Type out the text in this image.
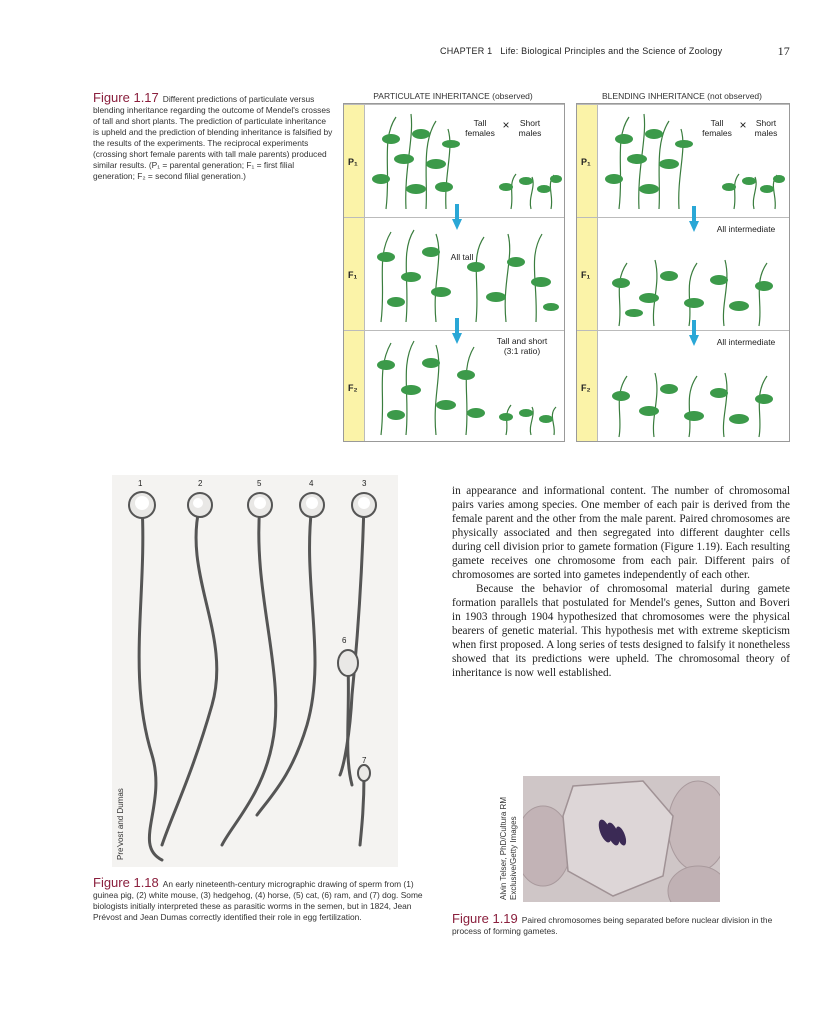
CHAPTER 1 Life: Biological Principles and the Science of Zoology	17
Figure 1.17 Different predictions of particulate versus blending inheritance regarding the outcome of Mendel's crosses of tall and short plants. The prediction of particulate inheritance is upheld and the prediction of blending inheritance is falsified by the results of the experiments. The reciprocal experiments (crossing short female parents with tall male parents) produced similar results. (P₁ = parental generation; F₁ = first filial generation; F₂ = second filial generation.)
PARTICULATE INHERITANCE (observed)	BLENDING INHERITANCE (not observed)
P₁
Tall females
×	Short males
F₁
All tall
F₂
Tall and short
(3:1 ratio)
P₁
Tall females
×	Short males
F₁
All intermediate
F₂
All intermediate
1	2	5	4	3
6
7
Pre'vost and Dumas
Figure 1.18 An early nineteenth-century micrographic drawing of sperm from (1) guinea pig, (2) white mouse, (3) hedgehog, (4) horse, (5) cat, (6) ram, and (7) dog. Some biologists initially interpreted these as parasitic worms in the semen, but in 1824, Jean Prévost and Jean Dumas correctly identified their role in egg fertilization.

in appearance and informational content. The number of chromosomal pairs varies among species. One member of each pair is derived from the female parent and the other from the male parent. Paired chromosomes are physically associated and then segregated into different daughter cells during cell division prior to gamete formation (Figure 1.19). Each resulting gamete receives one chromosome from each pair. Different pairs of chromosomes are sorted into gametes independently of each other.

Because the behavior of chromosomal material during gamete formation parallels that postulated for Mendel's genes, Sutton and Boveri in 1903 through 1904 hypothesized that chromosomes were the physical bearers of genetic material. This hypothesis met with extreme skepticism when first proposed. A long series of tests designed to falsify it nonetheless showed that its predictions were upheld. The chromosomal theory of inheritance is now well established.

Alvin Telser, PhD/Cultura RM Exclusive/Getty Images
Figure 1.19 Paired chromosomes being separated before nuclear division in the process of forming gametes.
